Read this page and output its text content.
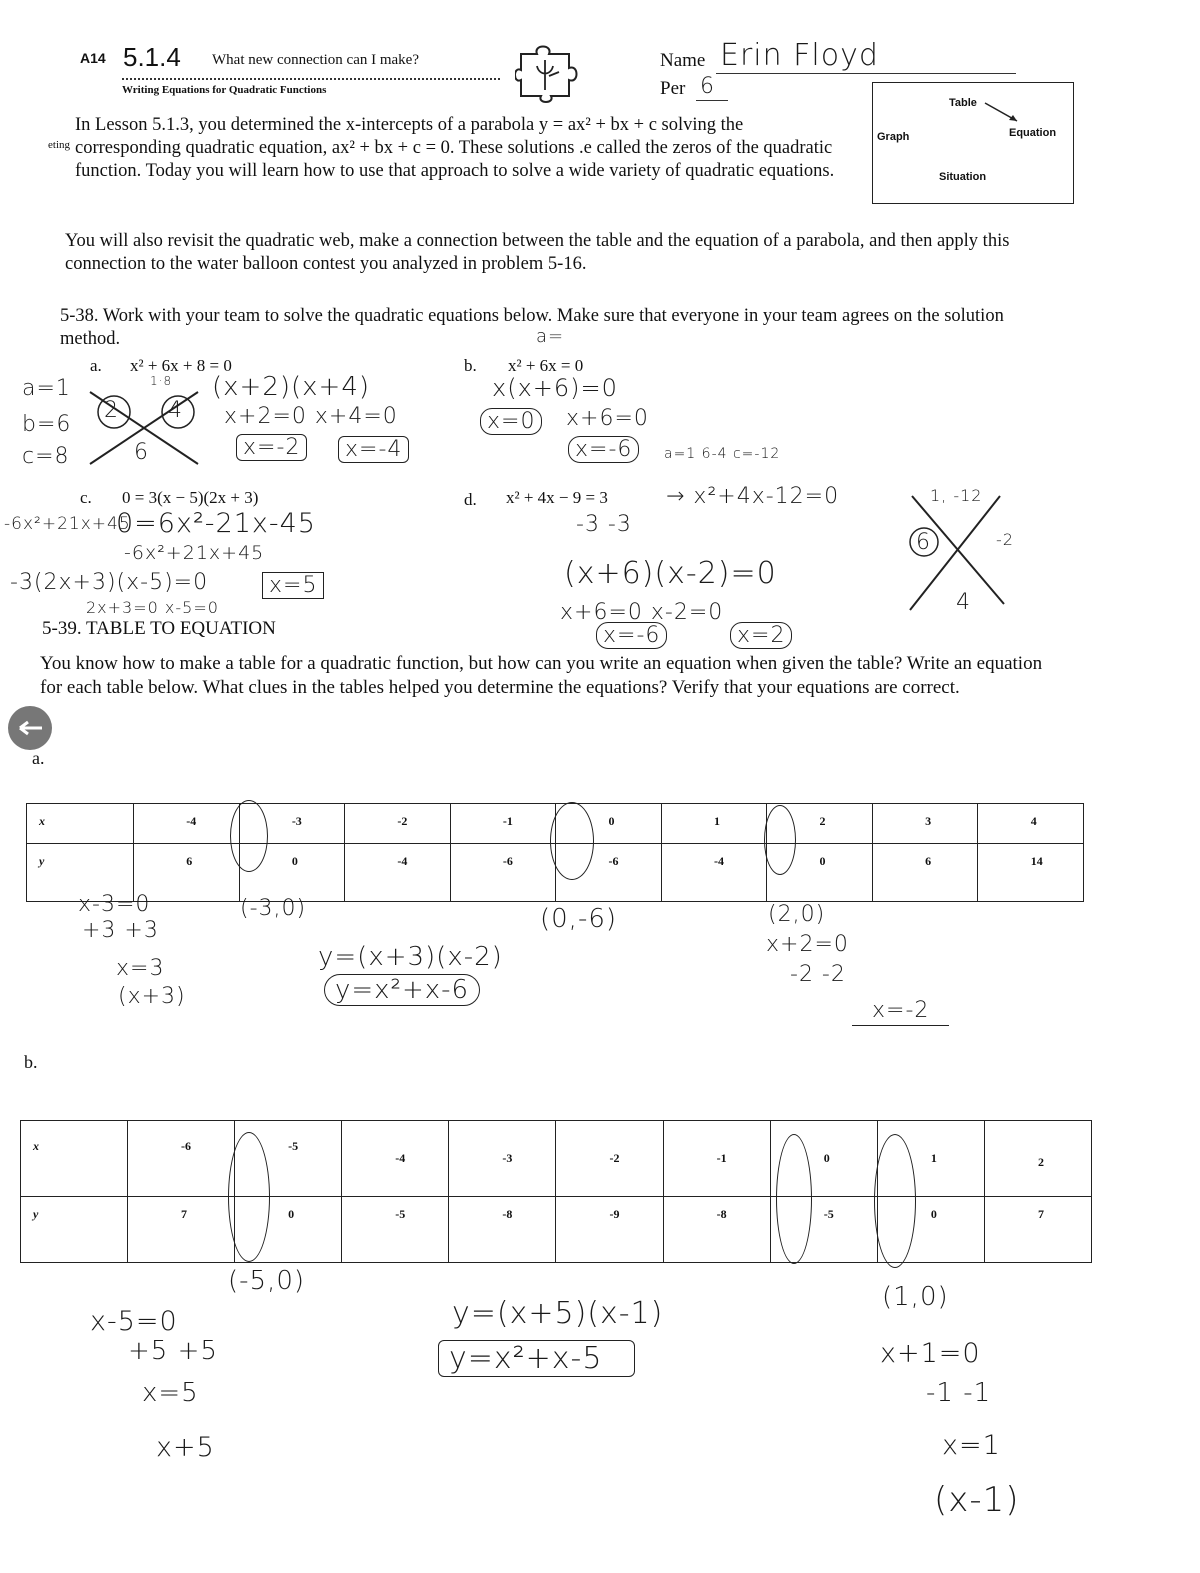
A14 5.1.4 What new connection can I make?
Writing Equations for Quadratic Functions
Name Erin Floyd
Per 6
Table
Graph	Equation
Situation
eting
In Lesson 5.1.3, you determined the x-intercepts of a parabola y = ax² + bx + c solving the corresponding quadratic equation, ax² + bx + c = 0. These solutions .e called the zeros of the quadratic function. Today you will learn how to use that approach to solve a wide variety of quadratic equations.
You will also revisit the quadratic web, make a connection between the table and the equation of a parabola, and then apply this connection to the water balloon contest you analyzed in problem 5-16.
5-38. Work with your team to solve the quadratic equations below. Make sure that everyone in your team agrees on the solution method.
a. x² + 6x + 8 = 0	b. x² + 6x = 0
c. 0 = 3(x − 5)(2x + 3)	d. x² + 4x − 9 = 3
a=1
b=6
c=8
1·8
2 4
6
(x+2)(x+4)
x+2=0 x+4=0
x=-2	x=-4
a=
x(x+6)=0
x=0	x+6=0
x=-6	a=1 6-4 c=-12
-6x²+21x+45
0=6x²-21x-45
-6x²+21x+45
-3(2x+3)(x-5)=0	x=5
2x+3=0 x-5=0
→ x²+4x-12=0
-3 -3
(x+6)(x-2)=0
x+6=0 x-2=0
x=-6	x=2
1, -12
6	-2
4
5-39. TABLE TO EQUATION
You know how to make a table for a quadratic function, but how can you write an equation when given the table? Write an equation for each table below. What clues in the tables helped you determine the equations? Verify that your equations are correct.
a.
x	-4	-3	-2	-1	0	1	2	3	4

y	6	0	-4	-6	-6	-4	0	6	14
x-3=0
+3 +3
x=3
(x+3)
(-3,0)	(0,-6)
y=(x+3)(x-2)
y=x²+x-6
(2,0)
x+2=0
-2 -2
x=-2
b.
x	-6	-5	-4	-3	-2	-1	0	1	2

y	7	0	-5	-8	-9	-8	-5	0	7
(-5,0)
x-5=0
+5 +5
x=5
x+5
y=(x+5)(x-1)
y=x²+x-5
(1,0)
x+1=0
-1 -1
x=1
(x-1)
